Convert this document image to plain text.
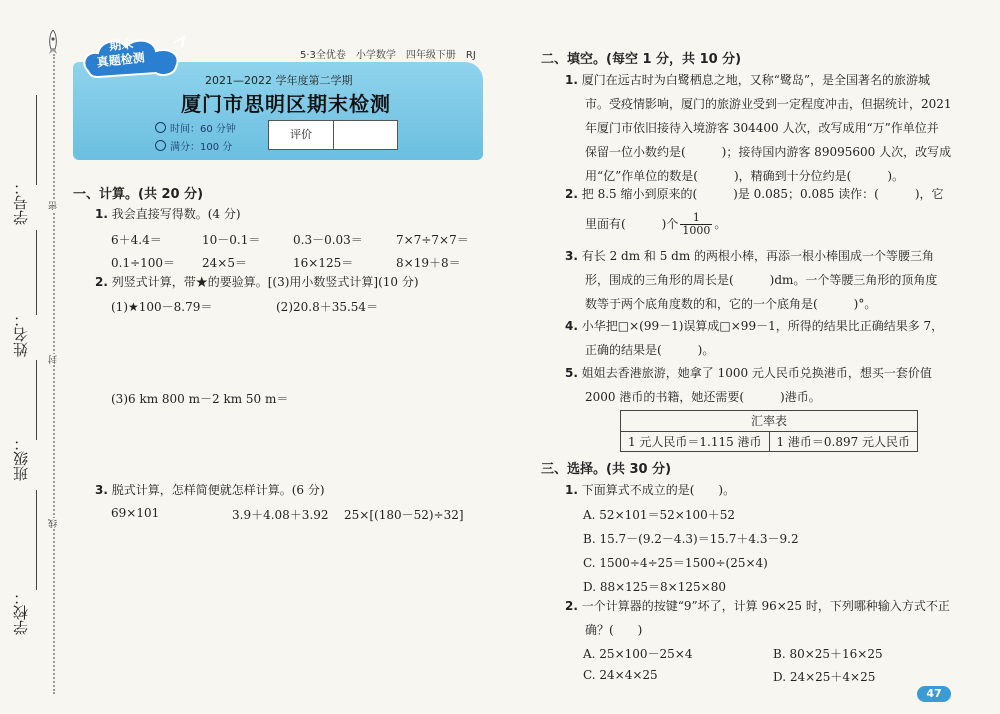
学号：
姓名：
班级：
学校：
密
封
线
5·3全优卷　小学数学　四年级下册　RJ
期末
真题检测
2021—2022 学年度第二学期
厦门市思明区期末检测
时间：60 分钟
满分：100 分
评价
一、计算。(共 20 分)
1. 我会直接写得数。(4 分)
6＋4.4＝	10－0.1＝	0.3－0.03＝	7×7÷7×7＝
0.1÷100＝ 24×5＝	16×125＝	8×19＋8＝
2. 列竖式计算，带★的要验算。[(3)用小数竖式计算](10 分)
(1)★100－8.79＝	(2)20.8＋35.54＝
(3)6 km 800 m－2 km 50 m＝
3. 脱式计算，怎样简便就怎样计算。(6 分)
69×101	3.9＋4.08＋3.92 25×[(180－52)÷32]
二、填空。(每空 1 分，共 10 分)
1. 厦门在远古时为白鹭栖息之地，又称“鹭岛”，是全国著名的旅游城
市。受疫情影响，厦门的旅游业受到一定程度冲击，但据统计，2021
年厦门市依旧接待入境游客 304400 人次，改写成用“万”作单位并
保留一位小数约是(　　　)；接待国内游客 89095600 人次，改写成
用“亿”作单位的数是(　　　)，精确到十分位约是(　　　)。
2. 把 8.5 缩小到原来的(　　　)是 0.085；0.085 读作：(　　　)，它
里面有(　　　)个 $\frac{1}{1000}$ 。
3. 有长 2 dm 和 5 dm 的两根小棒，再添一根小棒围成一个等腰三角
形，围成的三角形的周长是(　　　)dm。一个等腰三角形的顶角度
数等于两个底角度数的和，它的一个底角是(　　　)°。
4. 小华把□×(99－1)误算成□×99－1，所得的结果比正确结果多 7，
正确的结果是(　　　)。
5. 姐姐去香港旅游，她拿了 1000 元人民币兑换港币，想买一套价值
2000 港币的书籍，她还需要(　　　)港币。
汇率表
1 元人民币＝1.115 港币	1 港币＝0.897 元人民币
三、选择。(共 30 分)
1. 下面算式不成立的是(　　)。
A. 52×101＝52×100＋52
B. 15.7－(9.2－4.3)＝15.7＋4.3－9.2
C. 1500÷4÷25＝1500÷(25×4)
D. 88×125＝8×125×80
2. 一个计算器的按键“9”坏了，计算 96×25 时，下列哪种输入方式不正
确？(　　)
A. 25×100－25×4	B. 80×25＋16×25
C. 24×4×25	D. 24×25＋4×25
47
